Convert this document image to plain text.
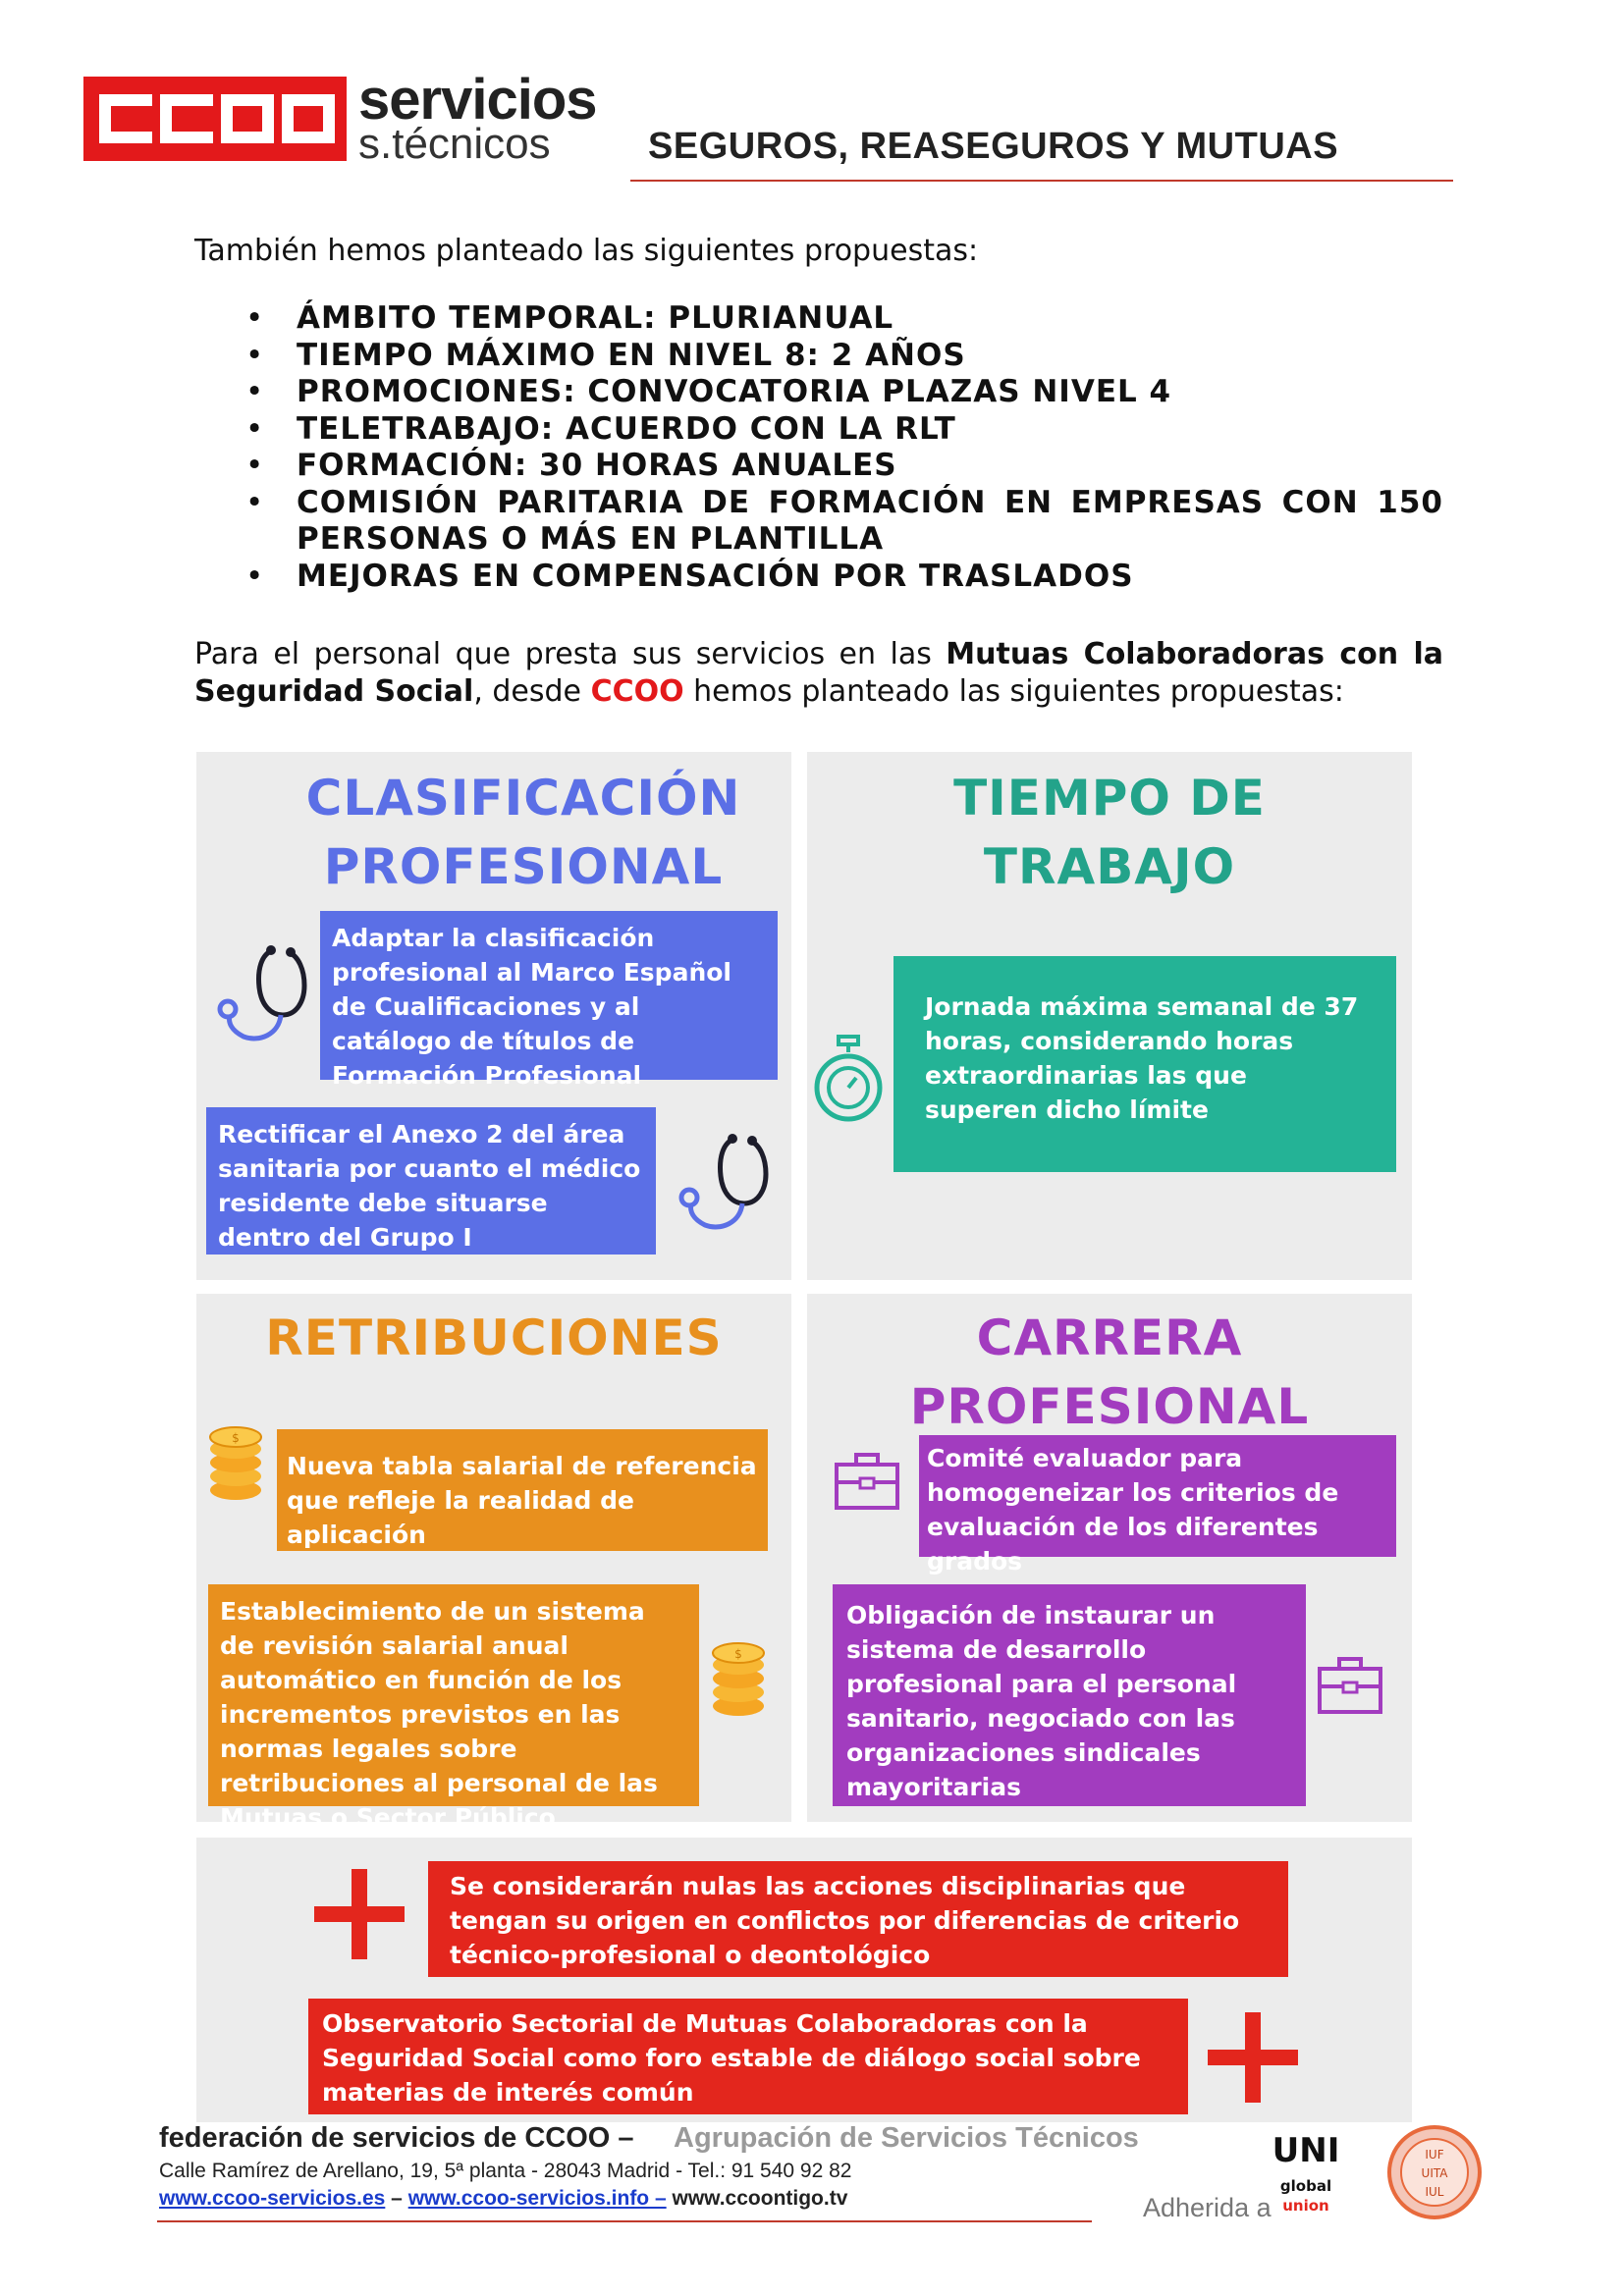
servicios
s.técnicos	SEGUROS, REASEGUROS Y MUTUAS
También hemos planteado las siguientes propuestas:
• ÁMBITO TEMPORAL: PLURIANUAL
• TIEMPO MÁXIMO EN NIVEL 8: 2 AÑOS
• PROMOCIONES: CONVOCATORIA PLAZAS NIVEL 4
• TELETRABAJO: ACUERDO CON LA RLT
• FORMACIÓN: 30 HORAS ANUALES
• COMISIÓN PARITARIA DE FORMACIÓN EN EMPRESAS CON 150 PERSONAS O MÁS EN PLANTILLA
• MEJORAS EN COMPENSACIÓN POR TRASLADOS
Para el personal que presta sus servicios en las Mutuas Colaboradoras con la Seguridad Social, desde CCOO hemos planteado las siguientes propuestas:
CLASIFICACIÓN
PROFESIONAL
TIEMPO DE
TRABAJO
RETRIBUCIONES	CARRERA
PROFESIONAL
Adaptar la clasificación profesional al Marco Español de Cualificaciones y al catálogo de títulos de Formación Profesional
Rectificar el Anexo 2 del área sanitaria por cuanto el médico residente debe situarse dentro del Grupo I
Jornada máxima semanal de 37 horas, considerando horas extraordinarias las que superen dicho límite
Nueva tabla salarial de referencia que refleje la realidad de aplicación
Establecimiento de un sistema de revisión salarial anual automático en función de los incrementos previstos en las normas legales sobre retribuciones al personal de las Mutuas o Sector Público
Comité evaluador para homogeneizar los criterios de evaluación de los diferentes grados
Obligación de instaurar un sistema de desarrollo profesional para el personal sanitario, negociado con las organizaciones sindicales mayoritarias
Se considerarán nulas las acciones disciplinarias que tengan su origen en conflictos por diferencias de criterio técnico-profesional o deontológico
Observatorio Sectorial de Mutuas Colaboradoras con la Seguridad Social como foro estable de diálogo social sobre materias de interés común
$
$
federación de servicios de CCOO – Agrupación de Servicios Técnicos
Calle Ramírez de Arellano, 19, 5ª planta - 28043 Madrid - Tel.: 91 540 92 82
www.ccoo-servicios.es – www.ccoo-servicios.info – www.ccoontigo.tv	Adherida a
UNI
global
union
IUF
UITA
IUL
